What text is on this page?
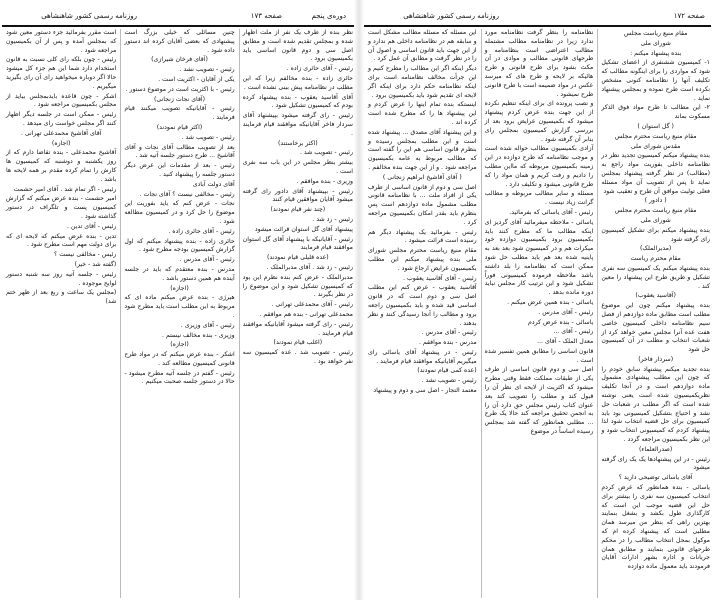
صفحه ۱۷۲
روزنامه رسمی کشور شاهنشاهی

مقام منیع ریاست مجلس

شورای ملی

بنده پیشنهاد میکنم :

۱- کمیسیون ششنفری از اعضای تشکیل شود که مواردی را برای اینگونه مطالب که تکلیف آنها را نظامنامه کنونی مشخص نکرده است طرح نموده و بمجلس پیشنهاد نماید .

۲- این مطالب تا طرح مواد فوق الذکر مسکوت بماند

( گل استوان )

مقام منیع ریاست محترم مجلس

مقدس شورای ملی

بنده پیشنهاد میکنم کمیسیون تجدید نظر در نظامنامه داخلی بفوریت مواد راجع به (مطالب) در نظر گرفته پیشنهاد بمجلس نماید تا پس از تصویب آن مواد مسئله فعلی تولیت موافق آن طرح و تعقیب شود

( دادور )

مقام منیع ریاست محترم مجلس

شورای ملی

بنده پیشنهاد میکنم برای تشکیل کمیسیون رای گرفته شود

(مدبرالملک)

مقام محترم ریاست

بنده پیشنهاد میکنم یک کمیسیون سه نفری تشکیل و طریق طرح این پیشنهاد را معین کند .

(آقاسید یعقوب)

بنده پیشنهاد میکنم چون این موضوع مطلب است مطابق ماده دوازدهم از فصل سیم نظامنامه داخلی کمیسیون خاصی هفت عده آنرا مجلس معین خواهد کرد از شعبات انتخاب و مطلب در آن کمیسیون حل شود

(سردار فاخر)

بنده تجدید میکنم پیشنهاد سابق خودم را که چون این مطلب پیشنهادی مشمول ماده دوازدهم است و در آنجا تکلیف نظریکمیسیون شده است یعنی نوشته شده است که اگر مطلب در شعبات حل نشد و احتیاج بتشکیل کمیسیونی بود باید کمیسیون برای حل قضیه انتخاب شود لذا پیشنهاد کردم که کمیسیونی انتخاب شود و این نظر بکمیسیون مراجعه گردد .

(صدرالعلماء)

رئیس - در این پیشنهادها یک یک رای گرفته میشود

آقای یاسائی توضیحی دارید ؟

یاسائی - بنده همانطور که عرض کردم انتخاب کمیسیون سه نفری را بیشتر برای حل این قضیه موجب این است که کارگذاری طول بکشد و بشغل بنمایند بهترین راهی که بنظر من میرسد همان مطلبی است که پیشنهاد کرده ام که موکول بمحل انتخاب مطالب را در محکم طرحهای قانونی بنمایند و مطابق همان جریانات و اداره بشهر ادارات آقایان فرمودند باید معمول ماده دوازده

نظامنامه را بنظر گرفت نظامنامه مورد ندارد زیرا در نظامنامه مطالب مشتمله مطالب اعتراضی است بنظامنامه و طرحهای قانونی مطالب و موادی در آن مکث بشود برای طرح قانونی و طرح هائیکه بر لایحه و طرح های که میرسد عکس در مواد ضمیمه است با طرح قانونی طرح نمیشود .

و نصب پرونده ای برای اینکه تنظیم نکرده از این جهت بنده عرض کردم پیشنهاد میشود که بکمیسیون عرایض برود بعد از بررسی گزارش کمیسیون بمجلس رای بنابر آن گرفته شود .

آزادی بکمیسیون مطالب حواله شده است و موجب نظامنامه که طرح دوازده در این زمینه بکمیسیون مربوطه که مااین مطلب را دادیم و رفت کریم و همان مواد را که طرح قانونی میشود و تکلیف دارد .

مسئله و سایر مطالب مربوطه و مطالب گرانت زیاد نیست .

رئیس - آقای یاسائی که بفرمائید.

یاسائی - ملاحظه میفرمائید آقای گردیز ای اینکه مطالب ما که مطرح کنند باید بکمیسیون برود بکمیسیون دوازده خود میکرات هم و در کمیسیون شود بعد بعد به پاینیه شده بعد هم باید مطلب حل شود ممکن است که نظامنامه را بلد داشته باشد ملاحظه فرموده کمیسیونی فوراً تشکیل شود و این ترتیب کار مجلس نباید دوره مانده بدهد .

یاسائی - بنده همین عرض میکنم .

رئیس - آقای مدرس .

یاسائی - بنده عرض کردم

رئیس - آقای ...

معدل الملک - آقای ...

قانون اساسی را مطابق همین تفسیر شده است .

اصل سی و دوم قانون اساسی از طرف یکی از طبقات مملکت فقط وقتی مطرح میشود که اکثریت از لایحه ای نظر آن را قبول کند و مطلب را تصویب کند بعد عنوان کتاب رئیس مجلس حق دارد آن را به انجمن تحقیق مراجعه کند حالا یک طرح ... مطلبی همانطور که گفته شد بمجلس رسیده اساساً در موضوع

این مسئله که مسئله مطالب مشکل است و سابقه هم در نظامنامه داخلی هم ندارد و از این جهت باید قانون اساسی و اصول آن را در نظر گرفت و مطابق آن عمل کرد .

دیگر اینکه اگر این مطالب را مطرح کنیم و این جرأت مخالف نظامنامه است برای اینکه نظامنامه حکم دارد برای اینکه اگر لایحه ای تقدیم شود باید بکمیسیون برود .

اینستکه بنده تمام اینها را عرض کردم و این پیشنهاد ها را که مطرح شده است کرده اند .

و این پیشنهاد آقای مصدق ... پیشنهاد شده است و این مطلب بمجلس رسیده و بنظرم قانون اساسی هم این را گفته است که مطالب مربوط به عامه بکمیسیون مراجعه شود . و از این جهت بنده مخالفم .

( آقای آقاشیخ ابراهیم زنجانی )

اصل سی و دوم از قانون اساسی از طرف یکی از افراد ملت ... با نظامنامه قانونی مطلب مشمول ماده دوازدهم است پس بنظرم باید بقدر امکان بکمیسیون مراجعه کرد .

رئیس - بفرمائید یک پیشنهاد دیگر هم رسیده است قرائت میشود .

مقام منیع ریاست محترم مجلس شورای ملی بنده پیشنهاد میکنم این مطلب بکمیسیون عرایض ارجاع شود .

رئیس - آقای آقاسید یعقوب .

آقاسید یعقوب - عرض کنم این مطلب اصل سی و دوم است که در قانون اساسی قید شده و باید بکمیسیون راجعه برود و مطالب را آنجا رسیدگی کنند و نظر بدهند .

رئیس - آقای مدرس .

مدرس - بنده موافقم .

رئیس - در پیشنهاد آقای یاسائی رای میگیریم آقایانیکه موافقند قیام فرمایند .

(عده کمی قیام نمودند)

رئیس - تصویب نشد .

معتمد التجار - اصل سی و دوم و پیشنهاد

دوره‌ی پنجم
صفحه ۱۷۳
روزنامه رسمی کشور شاهنشاهی

نظر بنده از طرف یک نفر از ملت اظهار شده و بمجلس تقدیم شده است و مطابق اصل سی و دوم قانون اساسی باید بکمیسیون برود .

رئیس - آقای حائری زاده .

حائری زاده - بنده مخالفم زیرا که این مطلب در نظامنامه پیش بینی نشده است .

آقای آقاسید یعقوب - بنده پیشنهاد کرده بودم که کمیسیون تشکیل شود .

رئیس - رای گرفته میشود بپیشنهاد آقای سردار فاخر آقایانیکه موافقند قیام فرمایند .

(اکثر برخاستند)

رئیس - تصویب شد .

بیشتر بنظر مجلس در این باب سه نفری است .

وزیری - بنده موافقم .

رئیس - بپیشنهاد آقای دادور رای گرفته میشود آقایان موافقین قیام کنند

(چند نفر قیام نمودند)

رئیس - رد شد .

پیشنهاد آقای گل استوان قرائت میشود

رئیس - آقایانیکه با پیشنهاد آقای گل استوان موافقند قیام فرمایند

(عده قلیلی قیام نمودند)

رئیس - رد شد . آقای مدبرالملک .

مدبرالملک - عرض کنم بنده نظرم این بود که کمیسیون تشکیل شود و این موضوع را در نظر بگیرند .

رئیس - آقای محمدعلی تهرانی .

محمدعلی تهرانی - بنده هم موافقم .

رئیس - رای گرفته میشود آقایانیکه موافقند قیام فرمایند .

(اغلب قیام نمودند)

رئیس - تصویب شد . عده کمیسیون سه نفر خواهد بود .

چنین مسائلی که خیلی بزرگ است پیشنهادی که بعضی آقایان کرده اند دستور داده شود .

(آقای فرخان شیرازی)

رئیس - تصویب نشد .

یکی از آقایان - اکثریت است .

رئیس - با اکثریت است در موضوع دستور .

(آقای نجات زنجانی)

رئیس - آقایانیکه تصویب میکنند قیام فرمایند .

(اکثر قیام نمودند)

رئیس - تصویب شد .

بعد از تصویب مطالب آقای نجات و آقای آقاشیخ ... طرح دستور جلسه آتیه شد .

رئیس - بعد از مقدمات این عرض دیگر دستور جلسه را پیشنهاد کنید .

آقای دولت آبادی

رئیس - مخالفی نیست ؟ آقای نجات .

نجات - عرض کنم که باید بفوریت این موضوع را حل کرد و در کمیسیون مطالعه شود .

رئیس - آقای حائری زاده .

حائری زاده - بنده پیشنهاد میکنم که اول گزارش کمیسیون بودجه مطرح شود .

رئیس - آقای مدرس .

مدرس - بنده معتقدم که باید در جلسه آینده هم همین دستور باشد .

(اجازه)

هیرژی - بنده عرض میکنم ماده ای که مربوط به این مطلب است باید مطرح شود .

رئیس - آقای وزیری .

وزیری - بنده مخالف نیستم .

(اجازه)

اشکر - بنده عرض میکنم که در مواد طرح قانونی کمیسیون مطالعه کند .

رئیس - گفتم در جلسه آتیه مطرح میشود - حالا در دستور جلسه صحبت میکنیم .

است مقرر بفرمائید جزء دستور معین شود که بمجلس آمده و پس از آن بکمیسیون مراجعه شود .

رئیس - چون بلکه رای کلی نسبت به قانون استخدام دارد شما این هم جزء کل میشود حالا اگر دوباره میخواهید رای آن رای بگیرید میگیریم .

اشکر - چون قاعده بایدبمجلس بیاید از مجلس بکمیسیون مراجعه شود .

رئیس - ممکن است در جلسه دیگر اظهار کنند اگر مجلس خواست رای میدهد .

آقای آقاشیخ محمدعلی تهرانی .

(اجازه)

آقاشیخ محمدعلی - بنده تقاضا دارم که از روز یکشنبه و دوشنبه که کمیسیون ها کارش را تمام کرده مقدم بر همه لایحه ها باشد .

رئیس - اگر تمام شد . آقای امیر حشمت

امیر حشمت - بنده عرض میکنم که گزارش کمیسیون پست و تلگراف در دستور گذاشته شود .

رئیس - آقای تدین .

تدین - بنده عرض میکنم که لایحه ای که برای دولت مهم است مطرح شود .

رئیس - مخالفی نیست ؟

(گفته شد - خیر)

رئیس - جلسه آتیه روز سه شنبه دستور لوایح موجوده .

(مجلس یک ساعت و ربع بعد از ظهر ختم شد)
